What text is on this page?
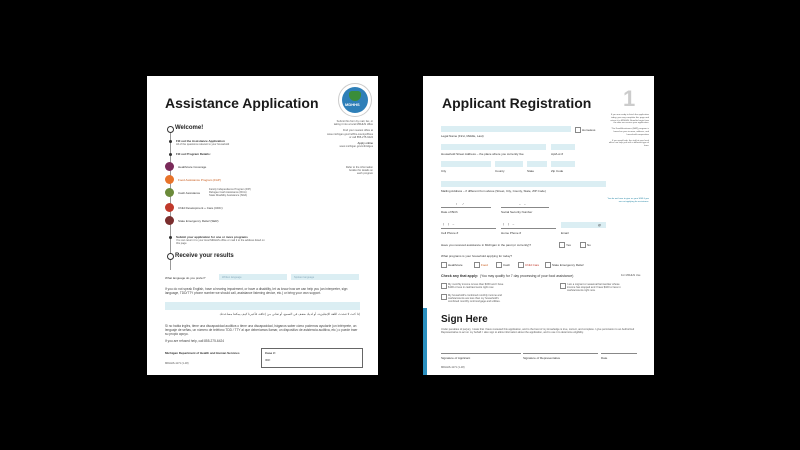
Assistance Application	MDHHS
Submit this form by mail, fax, or
taking it into a local MDHHS office
Find your nearest office at
www.michigan.gov/mdhhs-countyoffices
or call 855-275-6424
Apply online
www.michigan.gov/mibridges
Welcome!
Fill out the Assistance Application
All of the questions relevant to your household
Fill out Program Details:
Healthcare Coverage
Food Assistance Program (FAP)
Cash Assistance
Family Independence Program (FIP)
Refugee Cash Assistance (RCA)
State Disability Assistance (SDA)
Child Development + Care (CDC)
State Emergency Relief (SER)
Refer to the information
booklet for details on
each program
Submit your application for one or more programs
You can return it to your local MDHHS office or mail it to the address listed on this page
Receive your results
What language do you prefer?	Written language	Spoken language
If you do not speak English, have a hearing impairment, or have a disability, let us know how we can help you (an interpreter, sign language, TDD/TTY phone number we should call, assistance listening device, etc.) or bring your own support.
إذا كنت لا تتحدث اللغة الإنجليزية، أو لديك ضعف في السمع، أو تعاني من إعاقة، فأخبرنا كيف يمكننا مساعدتك
Si no habla inglés, tiene una discapacidad auditiva o tiene una discapacidad, háganos saber cómo podemos ayudarle (un intérprete, un lenguaje de señas, un número de teléfono TDD / TTY al que deberíamos llamar, un dispositivo de asistencia auditiva, etc.) o puede traer su propio apoyo.
If you are refused help, call 855-275-6424
Michigan Department of Health and Human Services	Case #:
ID#:
MDHHS-1171 (1-18)
Applicant Registration 1
If you are ready to finish the application today, you may complete this page and return it to MDHHS. Benefits begin from the date we receive your application.
The Food Assistance (FAP) program is based on your income, address, and household composition
If you need help, the staff at your local office can help you with a different type of form.
Homeless
Legal Name (First, Middle, Last)
Household Street Address – the place where you currently live	Apt/Lot #
City	County	State	Zip Code
Mailing Address – if different from above (Street, City, County, State, ZIP Code)
/       /	–    –
Date of Birth	Social Security Number
You do not have to give us your SSN if you are not applying for assistance.
(     )    –	(     )    –	@
Cell Phone #	Home Phone #	Email
Have you received assistance in Michigan in the past (or currently)?	Yes	No
What programs is your household applying for today?
Healthcare	Food	Cash	Child Care	State Emergency Relief
Check any that apply: (You may qualify for 7 day processing of your food assistance)	For MDHHS Use
My monthly income is less than $150 and I have $100 or less in cash/accounts right now.
My household's combined monthly income and cash/accounts are less than my household's combined monthly rent/mortgage and utilities.
I am a migrant or seasonal farmworker whose income has stopped and I have $100 or less in cash/accounts right now.
Sign Here
Under penalties of perjury, I state that I have reviewed this application, and to the best of my knowledge is true, correct, and complete. I give permission to an Authorized Representative to act on my behalf. I also sign to allow information about the application, and to use it to determine eligibility.
Signature of Applicant	Signature of Representative	Date
MDHHS-1171 (1-18)
